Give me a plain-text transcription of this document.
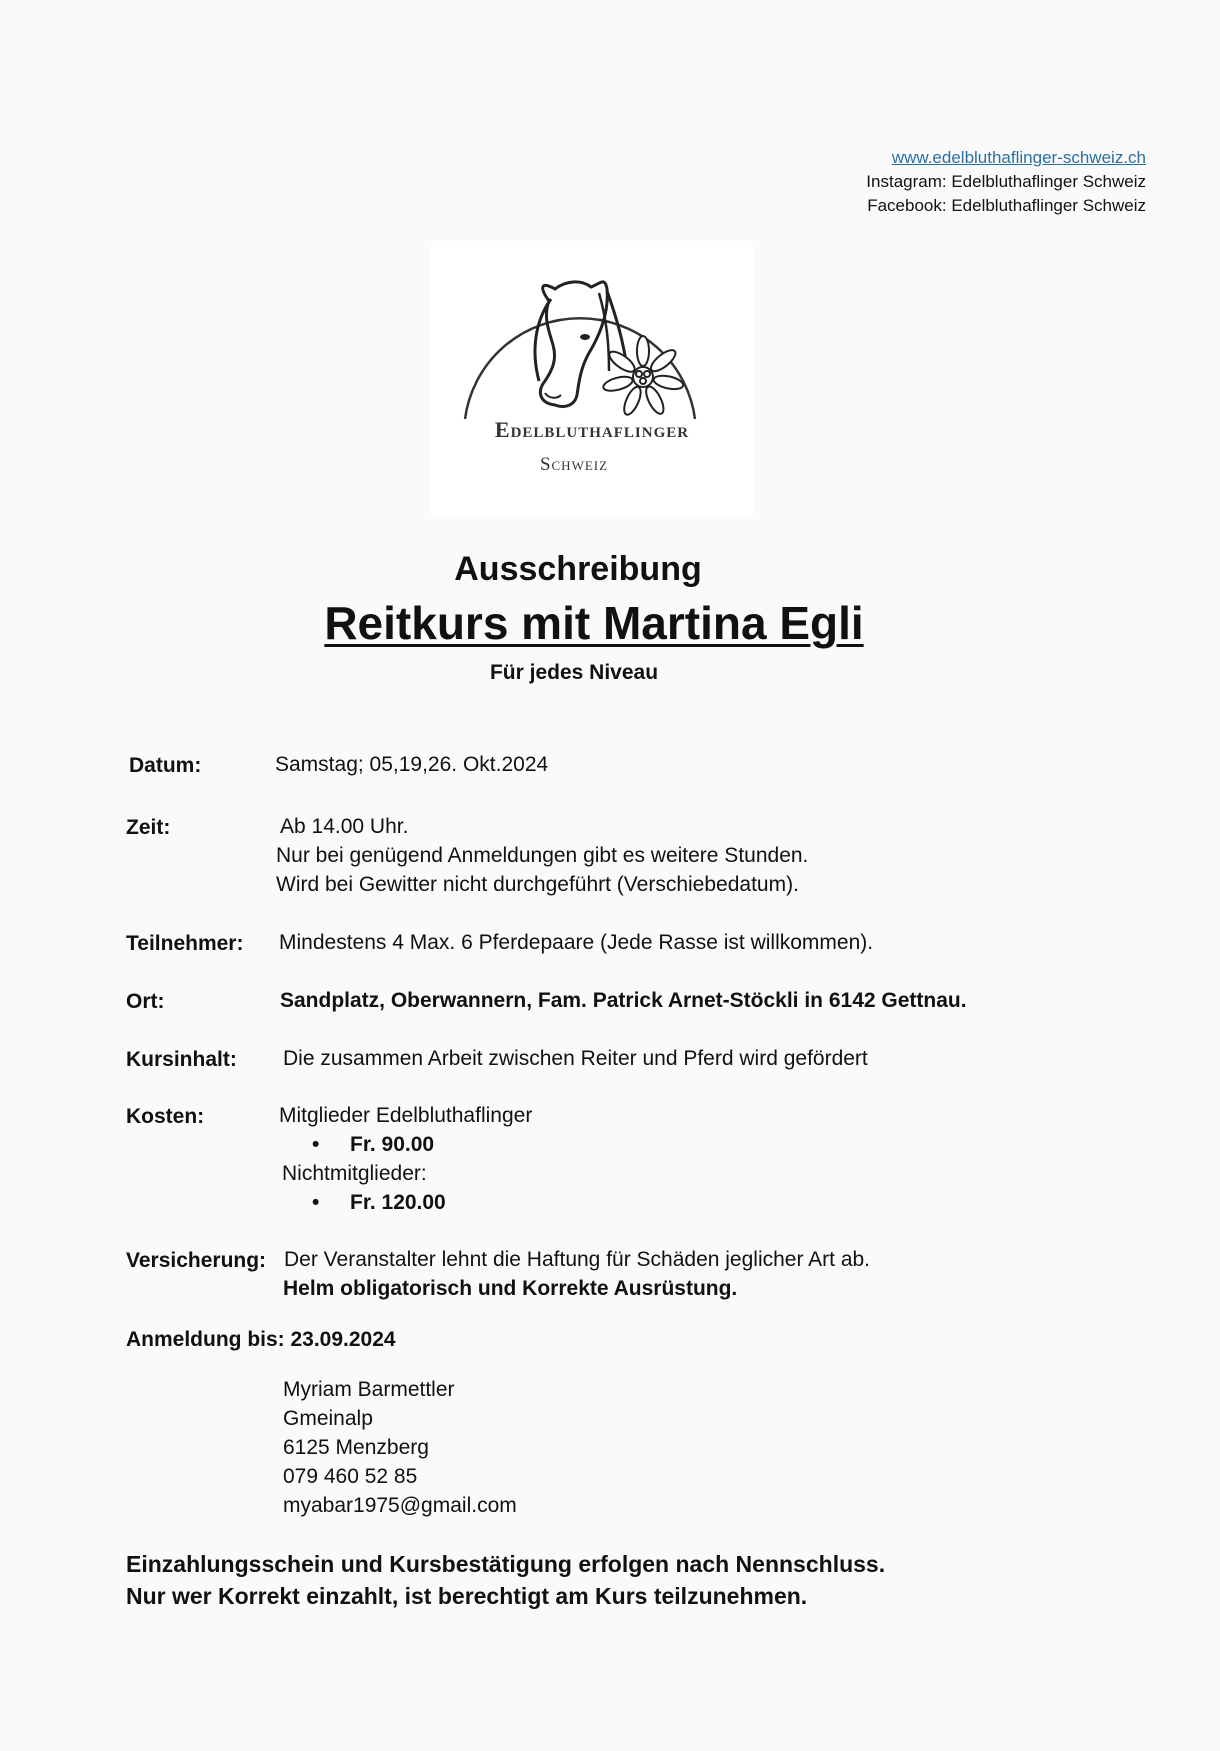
www.edelbluthaflinger-schweiz.ch
Instagram: Edelbluthaflinger Schweiz
Facebook: Edelbluthaflinger Schweiz
Edelbluthaflinger
Schweiz
Ausschreibung
Reitkurs mit Martina Egli
Für jedes Niveau
Datum:	Samstag; 05,19,26. Okt.2024
Zeit:	Ab 14.00 Uhr.
Nur bei genügend Anmeldungen gibt es weitere Stunden.
Wird bei Gewitter nicht durchgeführt (Verschiebedatum).
Teilnehmer: Mindestens 4 Max. 6 Pferdepaare (Jede Rasse ist willkommen).
Ort:	Sandplatz, Oberwannern, Fam. Patrick Arnet-Stöckli in 6142 Gettnau.
Kursinhalt: Die zusammen Arbeit zwischen Reiter und Pferd wird gefördert
Kosten:	Mitglieder Edelbluthaflinger
• Fr. 90.00
Nichtmitglieder:
• Fr. 120.00
Versicherung: Der Veranstalter lehnt die Haftung für Schäden jeglicher Art ab.
Helm obligatorisch und Korrekte Ausrüstung.
Anmeldung bis: 23.09.2024
Myriam Barmettler
Gmeinalp
6125 Menzberg
079 460 52 85
myabar1975@gmail.com
Einzahlungsschein und Kursbestätigung erfolgen nach Nennschluss.
Nur wer Korrekt einzahlt, ist berechtigt am Kurs teilzunehmen.
